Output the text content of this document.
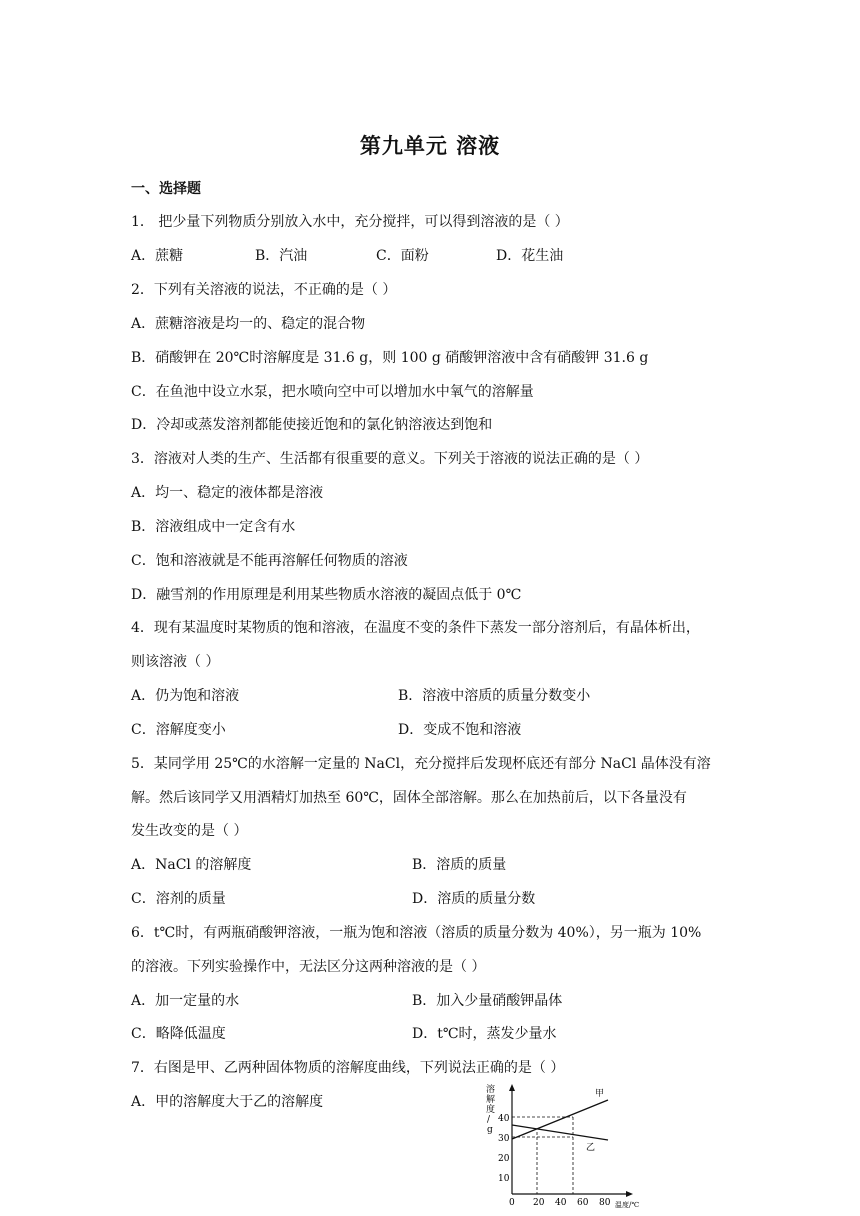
第九单元 溶液
一、选择题
1． 把少量下列物质分别放入水中，充分搅拌，可以得到溶液的是（ ）
A．蔗糖	B．汽油	C．面粉	D．花生油
2．下列有关溶液的说法，不正确的是（ ）
A．蔗糖溶液是均一的、稳定的混合物
B．硝酸钾在 20℃时溶解度是 31.6 g，则 100 g 硝酸钾溶液中含有硝酸钾 31.6 g
C．在鱼池中设立水泵，把水喷向空中可以增加水中氧气的溶解量
D．冷却或蒸发溶剂都能使接近饱和的氯化钠溶液达到饱和
3．溶液对人类的生产、生活都有很重要的意义。下列关于溶液的说法正确的是（ ）
A．均一、稳定的液体都是溶液
B．溶液组成中一定含有水
C．饱和溶液就是不能再溶解任何物质的溶液
D．融雪剂的作用原理是利用某些物质水溶液的凝固点低于 0℃
4．现有某温度时某物质的饱和溶液，在温度不变的条件下蒸发一部分溶剂后，有晶体析出，
则该溶液（ ）
A．仍为饱和溶液	B．溶液中溶质的质量分数变小
C．溶解度变小	D．变成不饱和溶液
5．某同学用 25℃的水溶解一定量的 NaCl，充分搅拌后发现杯底还有部分 NaCl 晶体没有溶
解。然后该同学又用酒精灯加热至 60℃，固体全部溶解。那么在加热前后，以下各量没有
发生改变的是（ ）
A．NaCl 的溶解度	B．溶质的质量
C．溶剂的质量	D．溶质的质量分数
6．t℃时，有两瓶硝酸钾溶液，一瓶为饱和溶液（溶质的质量分数为 40%），另一瓶为 10%
的溶液。下列实验操作中，无法区分这两种溶液的是（ ）
A．加一定量的水	B．加入少量硝酸钾晶体
C．略降低温度	D．t℃时，蒸发少量水
7．右图是甲、乙两种固体物质的溶解度曲线，下列说法正确的是（ ）
A．甲的溶解度大于乙的溶解度
溶
解
度
/
g
10
20
30
40
0 20 40 60 80 温度/℃
甲
乙
